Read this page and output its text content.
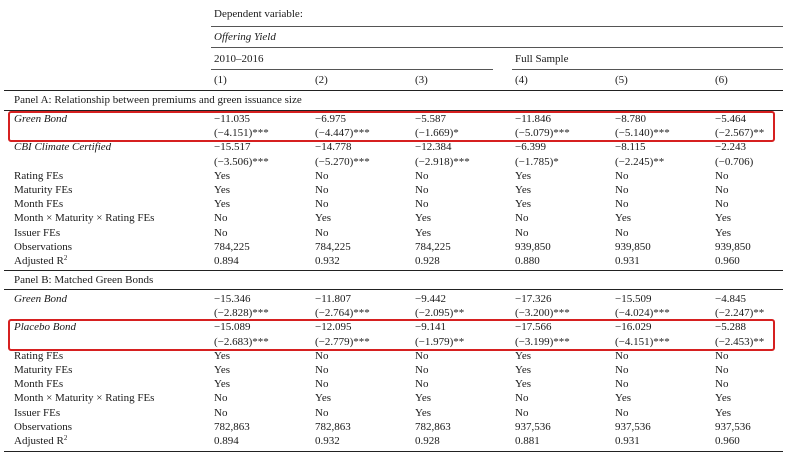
Dependent variable:
Offering Yield
2010–2016	Full Sample
(1)	(2)	(3)	(4)	(5)	(6)
Panel A: Relationship between premiums and green issuance size
Green Bond	−11.035	−6.975	−5.587	−11.846	−8.780	−5.464
(−4.151)***	(−4.447)***	(−1.669)*	(−5.079)***	(−5.140)***	(−2.567)**
CBI Climate Certified	−15.517	−14.778	−12.384	−6.399	−8.115	−2.243
(−3.506)***	(−5.270)***	(−2.918)***	(−1.785)*	(−2.245)**	(−0.706)
Rating FEs	Yes	No	No	Yes	No	No
Maturity FEs	Yes	No	No	Yes	No	No
Month FEs	Yes	No	No	Yes	No	No
Month × Maturity × Rating FEs	No	Yes	Yes	No	Yes	Yes
Issuer FEs	No	No	Yes	No	No	Yes
Observations	784,225	784,225	784,225	939,850	939,850	939,850
Adjusted $R^2$	0.894	0.932	0.928	0.880	0.931	0.960
Panel B: Matched Green Bonds
Green Bond	−15.346	−11.807	−9.442	−17.326	−15.509	−4.845
(−2.828)***	(−2.764)***	(−2.095)**	(−3.200)***	(−4.024)***	(−2.247)**
Placebo Bond	−15.089	−12.095	−9.141	−17.566	−16.029	−5.288
(−2.683)***	(−2.779)***	(−1.979)**	(−3.199)***	(−4.151)***	(−2.453)**
Rating FEs	Yes	No	No	Yes	No	No
Maturity FEs	Yes	No	No	Yes	No	No
Month FEs	Yes	No	No	Yes	No	No
Month × Maturity × Rating FEs	No	Yes	Yes	No	Yes	Yes
Issuer FEs	No	No	Yes	No	No	Yes
Observations	782,863	782,863	782,863	937,536	937,536	937,536
Adjusted $R^2$	0.894	0.932	0.928	0.881	0.931	0.960
